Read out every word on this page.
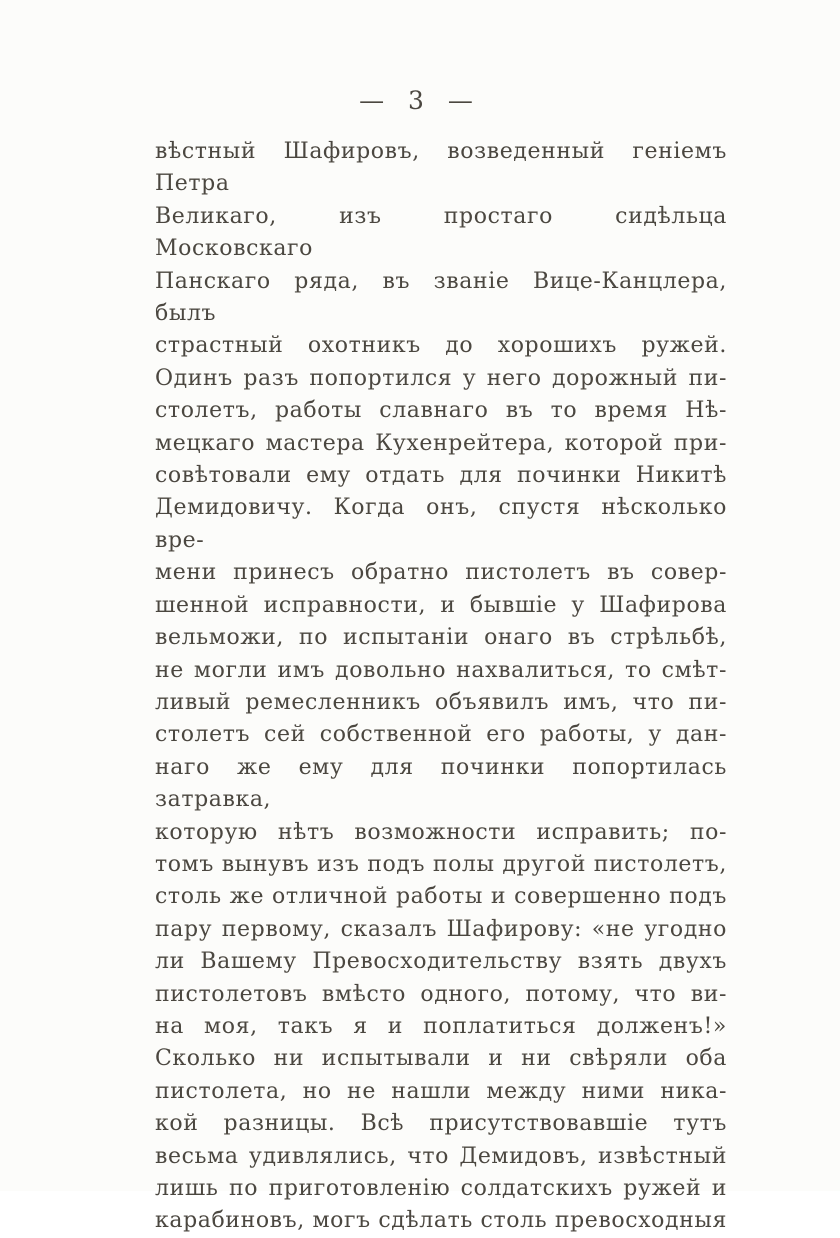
— 3 —
вѣстный Шафировъ, возведенный геніемъ Петра
Великаго, изъ простаго сидѣльца Московскаго
Панскаго ряда, въ званіе Вице-Канцлера, былъ
страстный охотникъ до хорошихъ ружей.
Одинъ разъ попортился у него дорожный пи-
столетъ, работы славнаго въ то время Нѣ-
мецкаго мастера Кухенрейтера, которой при-
совѣтовали ему отдать для починки Никитѣ
Демидовичу. Когда онъ, спустя нѣсколько вре-
мени принесъ обратно пистолетъ въ совер-
шенной исправности, и бывшіе у Шафирова
вельможи, по испытаніи онаго въ стрѣльбѣ,
не могли имъ довольно нахвалиться, то смѣт-
ливый ремесленникъ объявилъ имъ, что пи-
столетъ сей собственной его работы, у дан-
наго же ему для починки попортилась затравка,
которую нѣтъ возможности исправить; по-
томъ вынувъ изъ подъ полы другой пистолетъ,
столь же отличной работы и совершенно подъ
пару первому, сказалъ Шафирову: «не угодно
ли Вашему Превосходительству взять двухъ
пистолетовъ вмѣсто одного, потому, что ви-
на моя, такъ я и поплатиться долженъ!»
Сколько ни испытывали и ни свѣряли оба
пистолета, но не нашли между ними ника-
кой разницы. Всѣ присутствовавшіе тутъ
весьма удивлялись, что Демидовъ, извѣстный
лишь по приготовленію солдатскихъ ружей и
карабиновъ, могъ сдѣлать столь превосходныя
